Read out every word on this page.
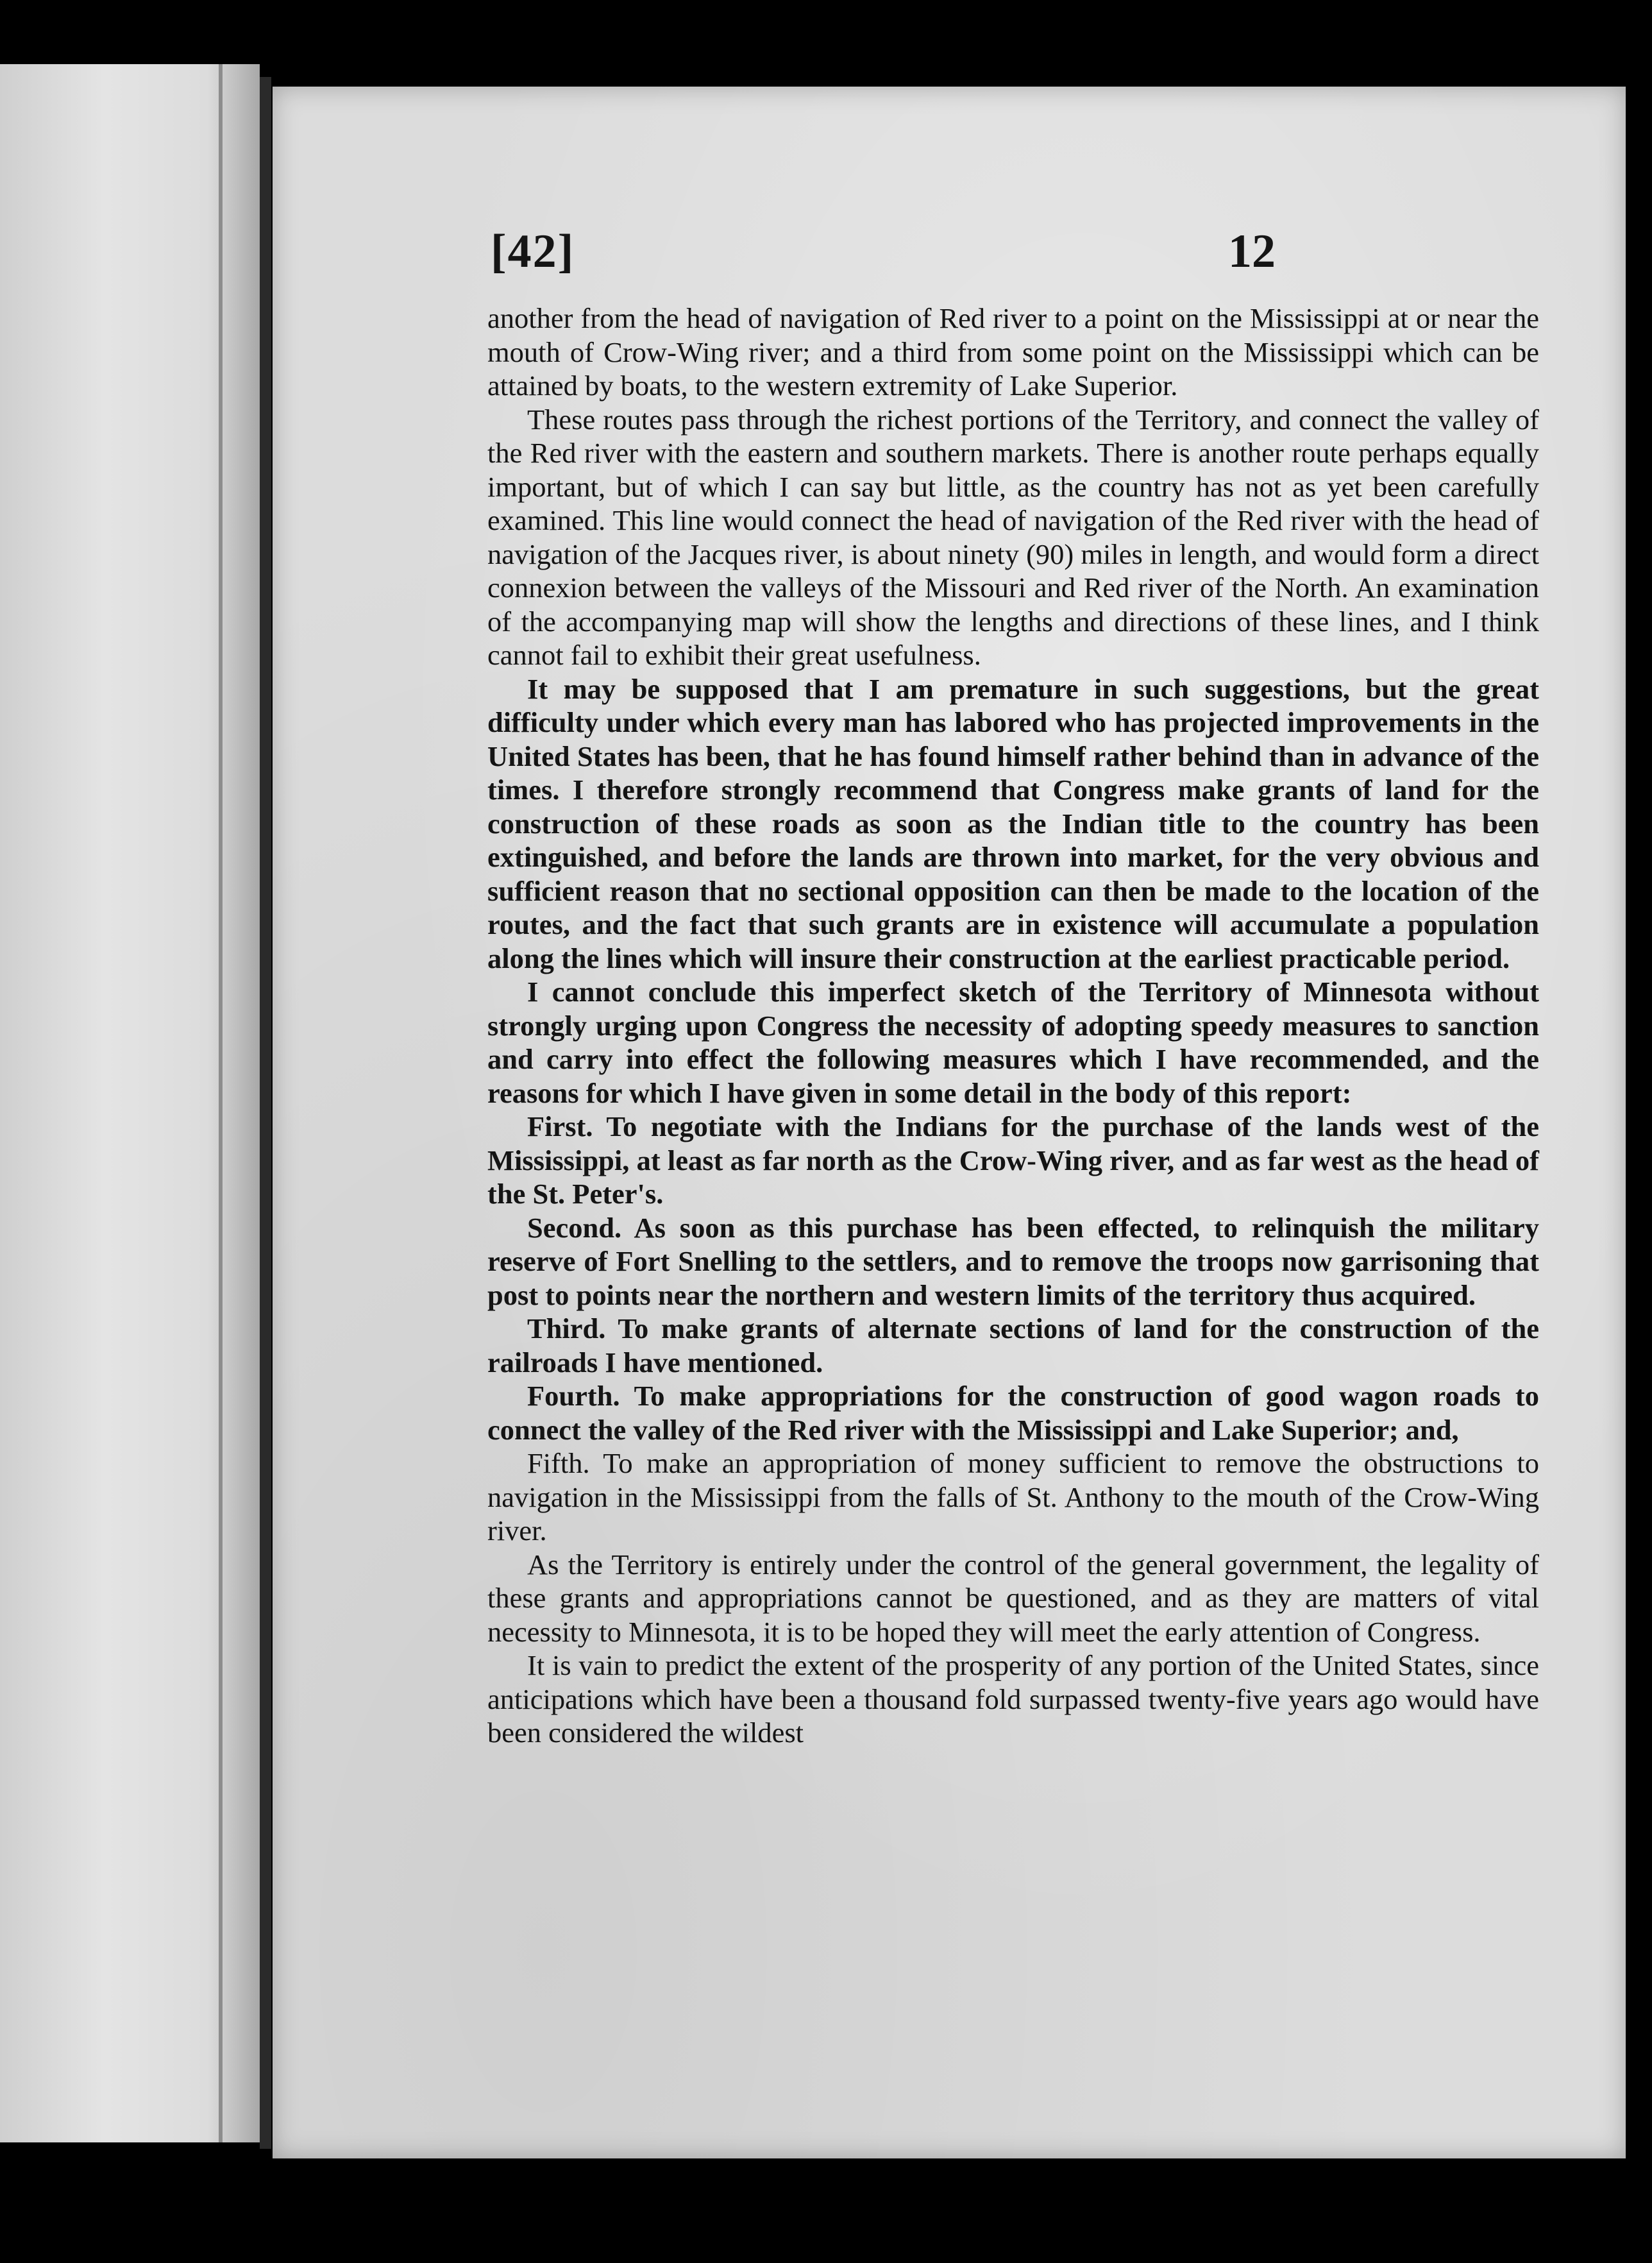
[42]	12

another from the head of navigation of Red river to a point on the Mississippi at or near the mouth of Crow-Wing river; and a third from some point on the Mississippi which can be attained by boats, to the western extremity of Lake Superior.

These routes pass through the richest portions of the Territory, and connect the valley of the Red river with the eastern and southern markets. There is another route perhaps equally important, but of which I can say but little, as the country has not as yet been carefully examined. This line would connect the head of navigation of the Red river with the head of navigation of the Jacques river, is about ninety (90) miles in length, and would form a direct connexion between the valleys of the Missouri and Red river of the North. An examination of the accompanying map will show the lengths and directions of these lines, and I think cannot fail to exhibit their great usefulness.

It may be supposed that I am premature in such suggestions, but the great difficulty under which every man has labored who has projected improvements in the United States has been, that he has found himself rather behind than in advance of the times. I therefore strongly recommend that Congress make grants of land for the construction of these roads as soon as the Indian title to the country has been extinguished, and before the lands are thrown into market, for the very obvious and sufficient reason that no sectional opposition can then be made to the location of the routes, and the fact that such grants are in existence will accumulate a population along the lines which will insure their construction at the earliest practicable period.

I cannot conclude this imperfect sketch of the Territory of Minnesota without strongly urging upon Congress the necessity of adopting speedy measures to sanction and carry into effect the following measures which I have recommended, and the reasons for which I have given in some detail in the body of this report:

First. To negotiate with the Indians for the purchase of the lands west of the Mississippi, at least as far north as the Crow-Wing river, and as far west as the head of the St. Peter's.

Second. As soon as this purchase has been effected, to relinquish the military reserve of Fort Snelling to the settlers, and to remove the troops now garrisoning that post to points near the northern and western limits of the territory thus acquired.

Third. To make grants of alternate sections of land for the construction of the railroads I have mentioned.

Fourth. To make appropriations for the construction of good wagon roads to connect the valley of the Red river with the Mississippi and Lake Superior; and,

Fifth. To make an appropriation of money sufficient to remove the obstructions to navigation in the Mississippi from the falls of St. Anthony to the mouth of the Crow-Wing river.

As the Territory is entirely under the control of the general government, the legality of these grants and appropriations cannot be questioned, and as they are matters of vital necessity to Minnesota, it is to be hoped they will meet the early attention of Congress.

It is vain to predict the extent of the prosperity of any portion of the United States, since anticipations which have been a thousand fold surpassed twenty-five years ago would have been considered the wildest
